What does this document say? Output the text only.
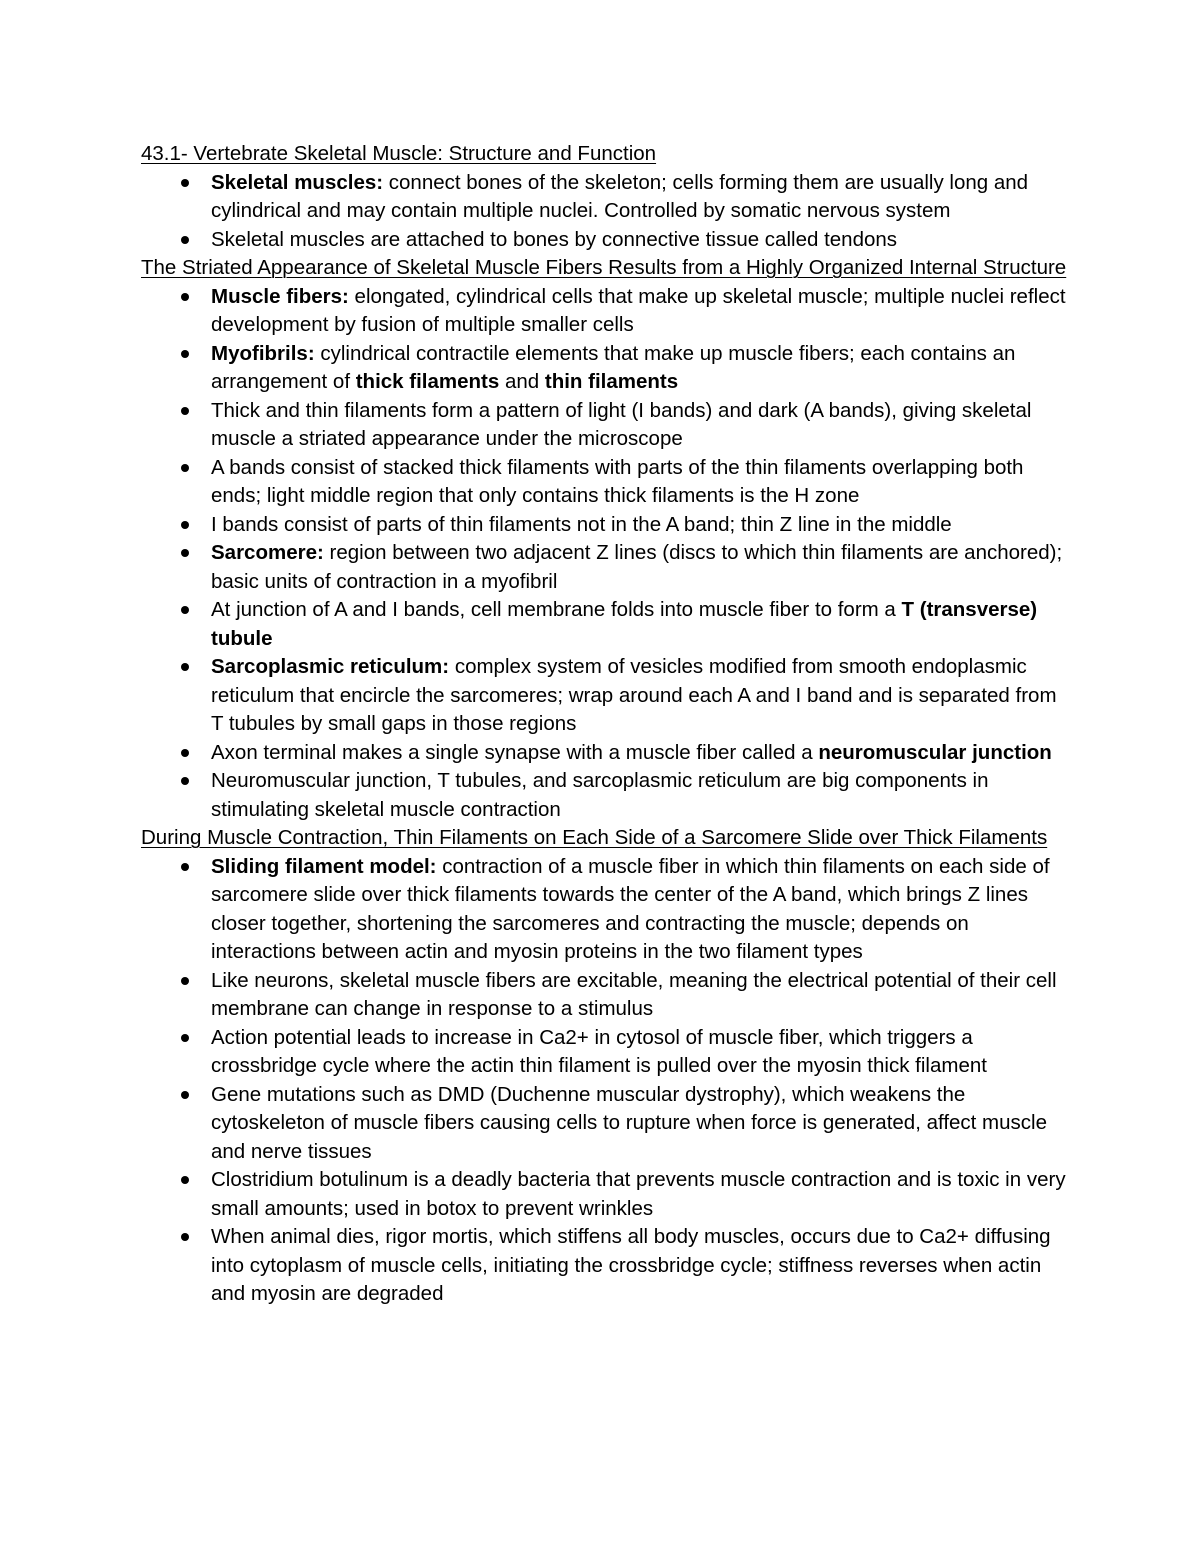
43.1- Vertebrate Skeletal Muscle: Structure and Function

Skeletal muscles: connect bones of the skeleton; cells forming them are usually long and cylindrical and may contain multiple nuclei. Controlled by somatic nervous system
Skeletal muscles are attached to bones by connective tissue called tendons

The Striated Appearance of Skeletal Muscle Fibers Results from a Highly Organized Internal Structure

Muscle fibers: elongated, cylindrical cells that make up skeletal muscle; multiple nuclei reflect development by fusion of multiple smaller cells
Myofibrils: cylindrical contractile elements that make up muscle fibers; each contains an arrangement of thick filaments and thin filaments
Thick and thin filaments form a pattern of light (I bands) and dark (A bands), giving skeletal muscle a striated appearance under the microscope
A bands consist of stacked thick filaments with parts of the thin filaments overlapping both ends; light middle region that only contains thick filaments is the H zone
I bands consist of parts of thin filaments not in the A band; thin Z line in the middle
Sarcomere: region between two adjacent Z lines (discs to which thin filaments are anchored); basic units of contraction in a myofibril
At junction of A and I bands, cell membrane folds into muscle fiber to form a T (transverse) tubule
Sarcoplasmic reticulum: complex system of vesicles modified from smooth endoplasmic reticulum that encircle the sarcomeres; wrap around each A and I band and is separated from T tubules by small gaps in those regions
Axon terminal makes a single synapse with a muscle fiber called a neuromuscular junction
Neuromuscular junction, T tubules, and sarcoplasmic reticulum are big components in stimulating skeletal muscle contraction

During Muscle Contraction, Thin Filaments on Each Side of a Sarcomere Slide over Thick Filaments

Sliding filament model: contraction of a muscle fiber in which thin filaments on each side of sarcomere slide over thick filaments towards the center of the A band, which brings Z lines closer together, shortening the sarcomeres and contracting the muscle; depends on interactions between actin and myosin proteins in the two filament types
Like neurons, skeletal muscle fibers are excitable, meaning the electrical potential of their cell membrane can change in response to a stimulus
Action potential leads to increase in Ca2+ in cytosol of muscle fiber, which triggers a crossbridge cycle where the actin thin filament is pulled over the myosin thick filament
Gene mutations such as DMD (Duchenne muscular dystrophy), which weakens the cytoskeleton of muscle fibers causing cells to rupture when force is generated, affect muscle and nerve tissues
Clostridium botulinum is a deadly bacteria that prevents muscle contraction and is toxic in very small amounts; used in botox to prevent wrinkles
When animal dies, rigor mortis, which stiffens all body muscles, occurs due to Ca2+ diffusing into cytoplasm of muscle cells, initiating the crossbridge cycle; stiffness reverses when actin and myosin are degraded
